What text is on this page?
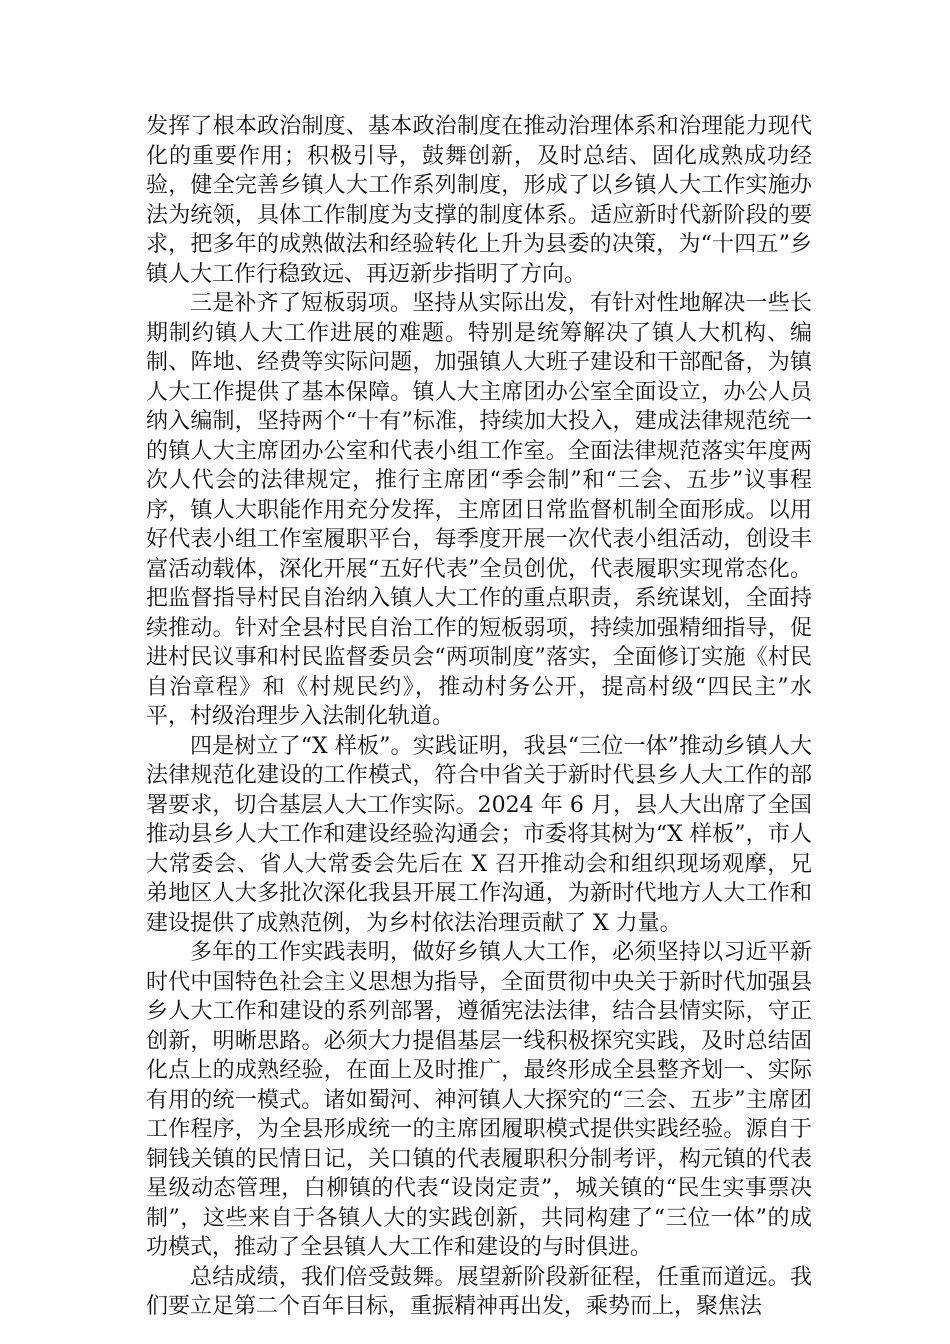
发挥了根本政治制度、基本政治制度在推动治理体系和治理能力现代化的重要作用；积极引导，鼓舞创新，及时总结、固化成熟成功经验，健全完善乡镇人大工作系列制度，形成了以乡镇人大工作实施办法为统领，具体工作制度为支撑的制度体系。适应新时代新阶段的要求，把多年的成熟做法和经验转化上升为县委的决策，为“十四五”乡镇人大工作行稳致远、再迈新步指明了方向。

三是补齐了短板弱项。坚持从实际出发，有针对性地解决一些长期制约镇人大工作进展的难题。特别是统筹解决了镇人大机构、编制、阵地、经费等实际问题，加强镇人大班子建设和干部配备，为镇人大工作提供了基本保障。镇人大主席团办公室全面设立，办公人员纳入编制，坚持两个“十有”标准，持续加大投入，建成法律规范统一的镇人大主席团办公室和代表小组工作室。全面法律规范落实年度两次人代会的法律规定，推行主席团“季会制”和“三会、五步”议事程序，镇人大职能作用充分发挥，主席团日常监督机制全面形成。以用好代表小组工作室履职平台，每季度开展一次代表小组活动，创设丰富活动载体，深化开展“五好代表”全员创优，代表履职实现常态化。把监督指导村民自治纳入镇人大工作的重点职责，系统谋划，全面持续推动。针对全县村民自治工作的短板弱项，持续加强精细指导，促进村民议事和村民监督委员会“两项制度”落实，全面修订实施《村民自治章程》和《村规民约》，推动村务公开，提高村级“四民主”水平，村级治理步入法制化轨道。

四是树立了“X 样板”。实践证明，我县“三位一体”推动乡镇人大法律规范化建设的工作模式，符合中省关于新时代县乡人大工作的部署要求，切合基层人大工作实际。2024 年 6 月，县人大出席了全国推动县乡人大工作和建设经验沟通会；市委将其树为“X 样板”，市人大常委会、省人大常委会先后在 X 召开推动会和组织现场观摩，兄弟地区人大多批次深化我县开展工作沟通，为新时代地方人大工作和建设提供了成熟范例，为乡村依法治理贡献了 X 力量。

多年的工作实践表明，做好乡镇人大工作，必须坚持以习近平新时代中国特色社会主义思想为指导，全面贯彻中央关于新时代加强县乡人大工作和建设的系列部署，遵循宪法法律，结合县情实际，守正创新，明晰思路。必须大力提倡基层一线积极探究实践，及时总结固化点上的成熟经验，在面上及时推广，最终形成全县整齐划一、实际有用的统一模式。诸如蜀河、神河镇人大探究的“三会、五步”主席团工作程序，为全县形成统一的主席团履职模式提供实践经验。源自于铜钱关镇的民情日记，关口镇的代表履职积分制考评，构元镇的代表星级动态管理，白柳镇的代表“设岗定责”，城关镇的“民生实事票决制”，这些来自于各镇人大的实践创新，共同构建了“三位一体”的成功模式，推动了全县镇人大工作和建设的与时俱进。

总结成绩，我们倍受鼓舞。展望新阶段新征程，任重而道远。我们要立足第二个百年目标，重振精神再出发，乘势而上，聚焦法
